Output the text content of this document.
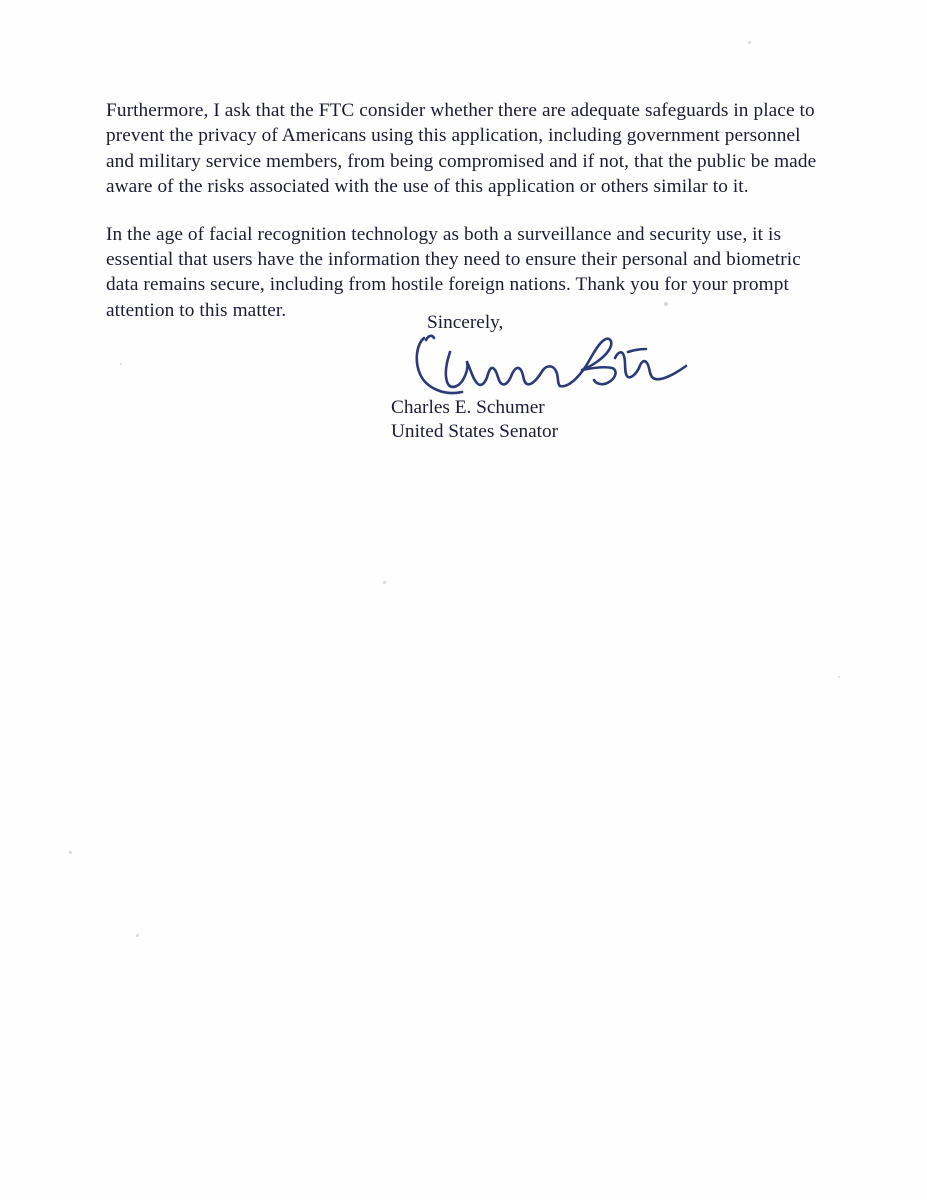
Furthermore, I ask that the FTC consider whether there are adequate safeguards in place to prevent the privacy of Americans using this application, including government personnel and military service members, from being compromised and if not, that the public be made aware of the risks associated with the use of this application or others similar to it.

In the age of facial recognition technology as both a surveillance and security use, it is essential that users have the information they need to ensure their personal and biometric data remains secure, including from hostile foreign nations. Thank you for your prompt attention to this matter.

Sincerely,
Charles E. Schumer
United States Senator
